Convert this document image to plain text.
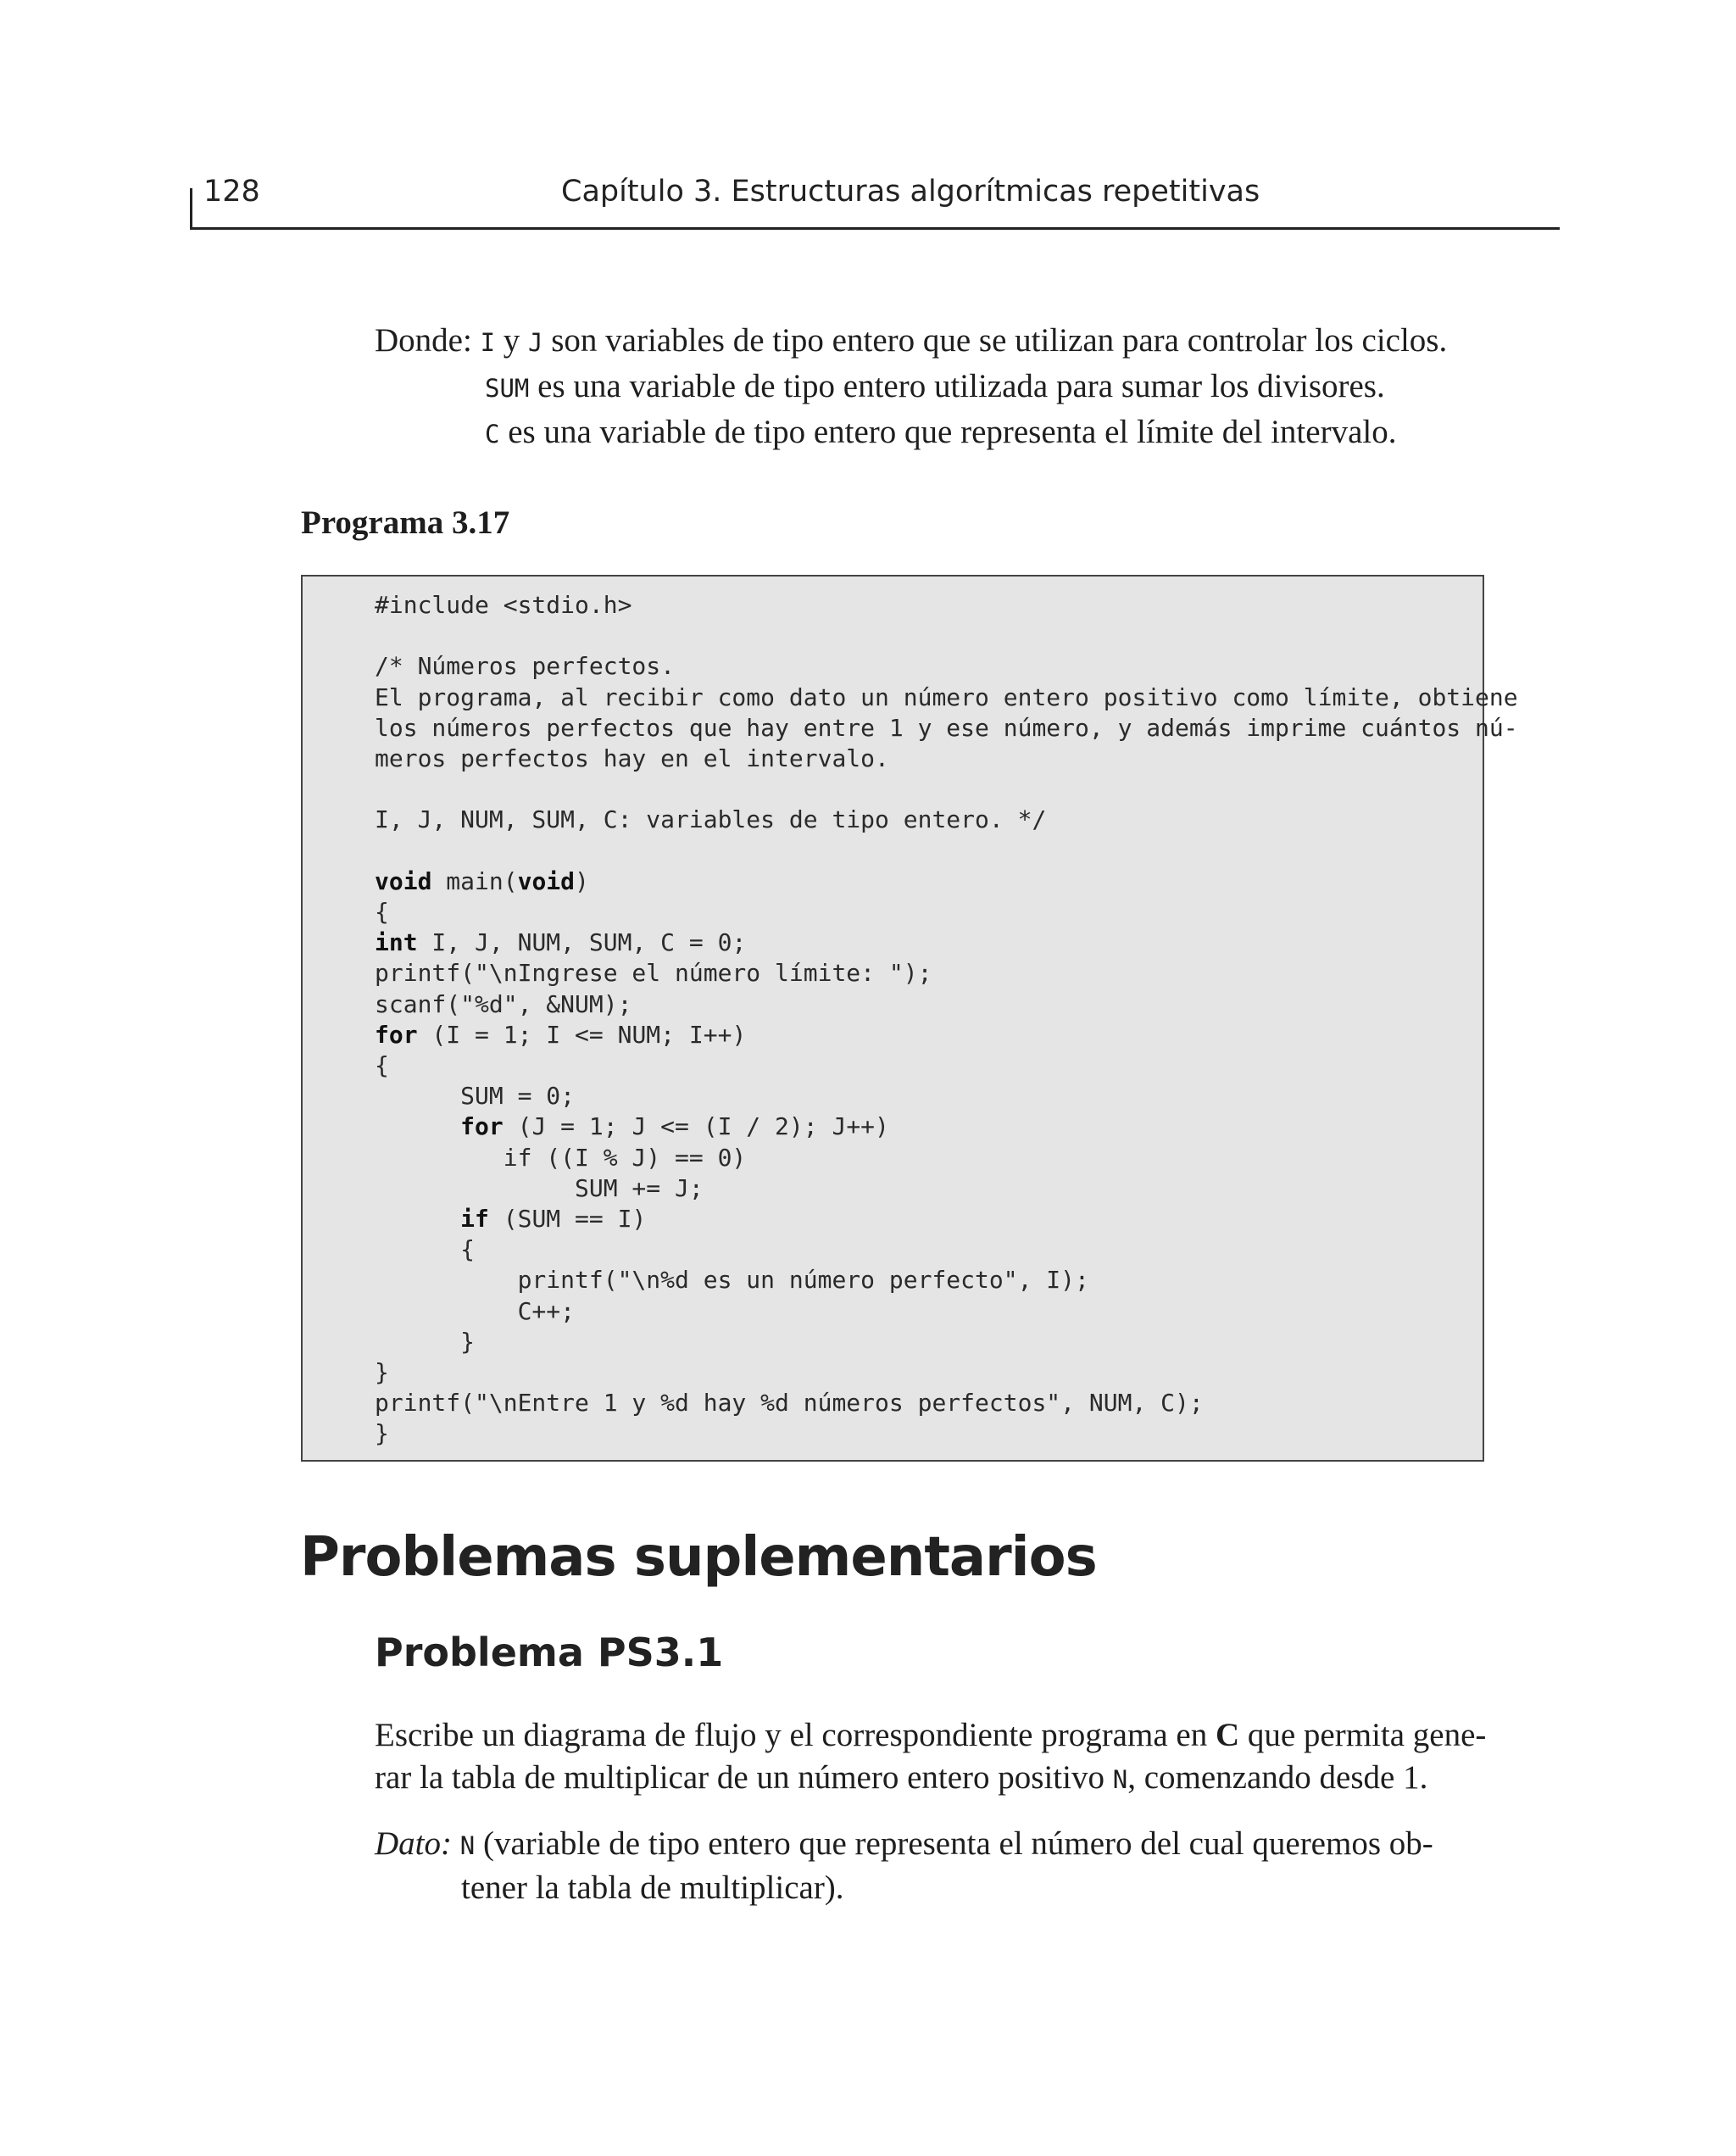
128	Capítulo 3. Estructuras algorítmicas repetitivas
Donde: I y J son variables de tipo entero que se utilizan para controlar los ciclos.
SUM es una variable de tipo entero utilizada para sumar los divisores.
C es una variable de tipo entero que representa el límite del intervalo.
Programa 3.17
#include <stdio.h>

/* Números perfectos.
El programa, al recibir como dato un número entero positivo como límite, obtiene
los números perfectos que hay entre 1 y ese número, y además imprime cuántos nú-
meros perfectos hay en el intervalo.

I, J, NUM, SUM, C: variables de tipo entero. */

void main(void)
{
int I, J, NUM, SUM, C = 0;
printf("\nIngrese el número límite: ");
scanf("%d", &NUM);
for (I = 1; I <= NUM; I++)
{
SUM = 0;
for (J = 1; J <= (I / 2); J++)
if ((I % J) == 0)
SUM += J;
if (SUM == I)
{
printf("\n%d es un número perfecto", I);
C++;
}
}
printf("\nEntre 1 y %d hay %d números perfectos", NUM, C);
}
Problemas suplementarios
Problema PS3.1
Escribe un diagrama de flujo y el correspondiente programa en C que permita gene-
rar la tabla de multiplicar de un número entero positivo N, comenzando desde 1.
Dato: N (variable de tipo entero que representa el número del cual queremos ob-
tener la tabla de multiplicar).
